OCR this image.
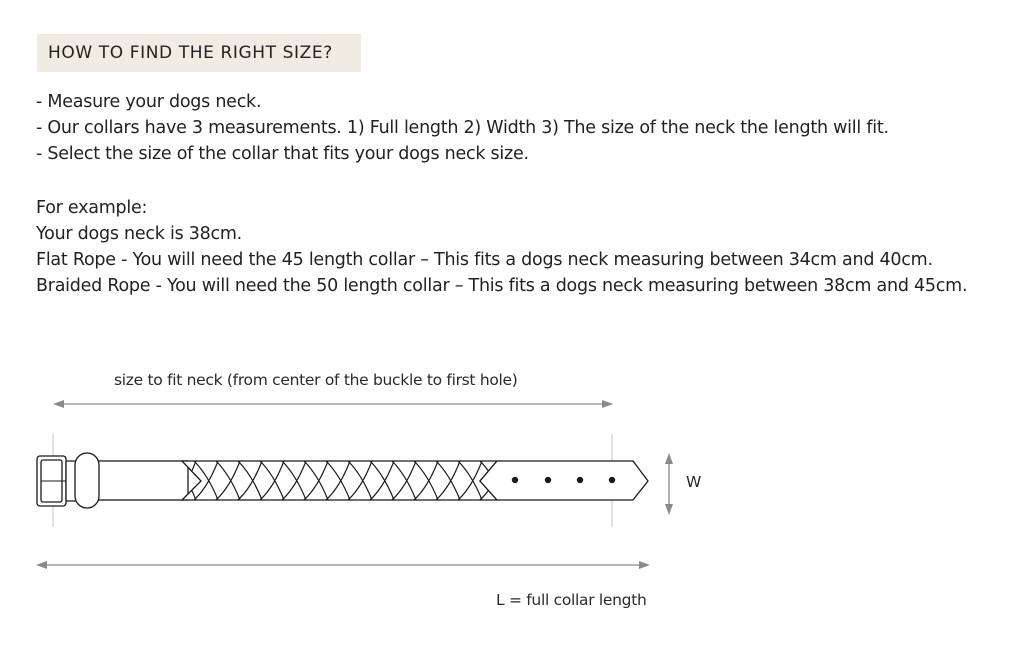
HOW TO FIND THE RIGHT SIZE?
- Measure your dogs neck.
- Our collars have 3 measurements. 1) Full length 2) Width 3) The size of the neck the length will fit.
- Select the size of the collar that fits your dogs neck size.
For example:
Your dogs neck is 38cm.
Flat Rope - You will need the 45 length collar – This fits a dogs neck measuring between 34cm and 40cm.
Braided Rope - You will need the 50 length collar – This fits a dogs neck measuring between 38cm and 45cm.
size to fit neck (from center of the buckle to first hole)
W
L = full collar length
